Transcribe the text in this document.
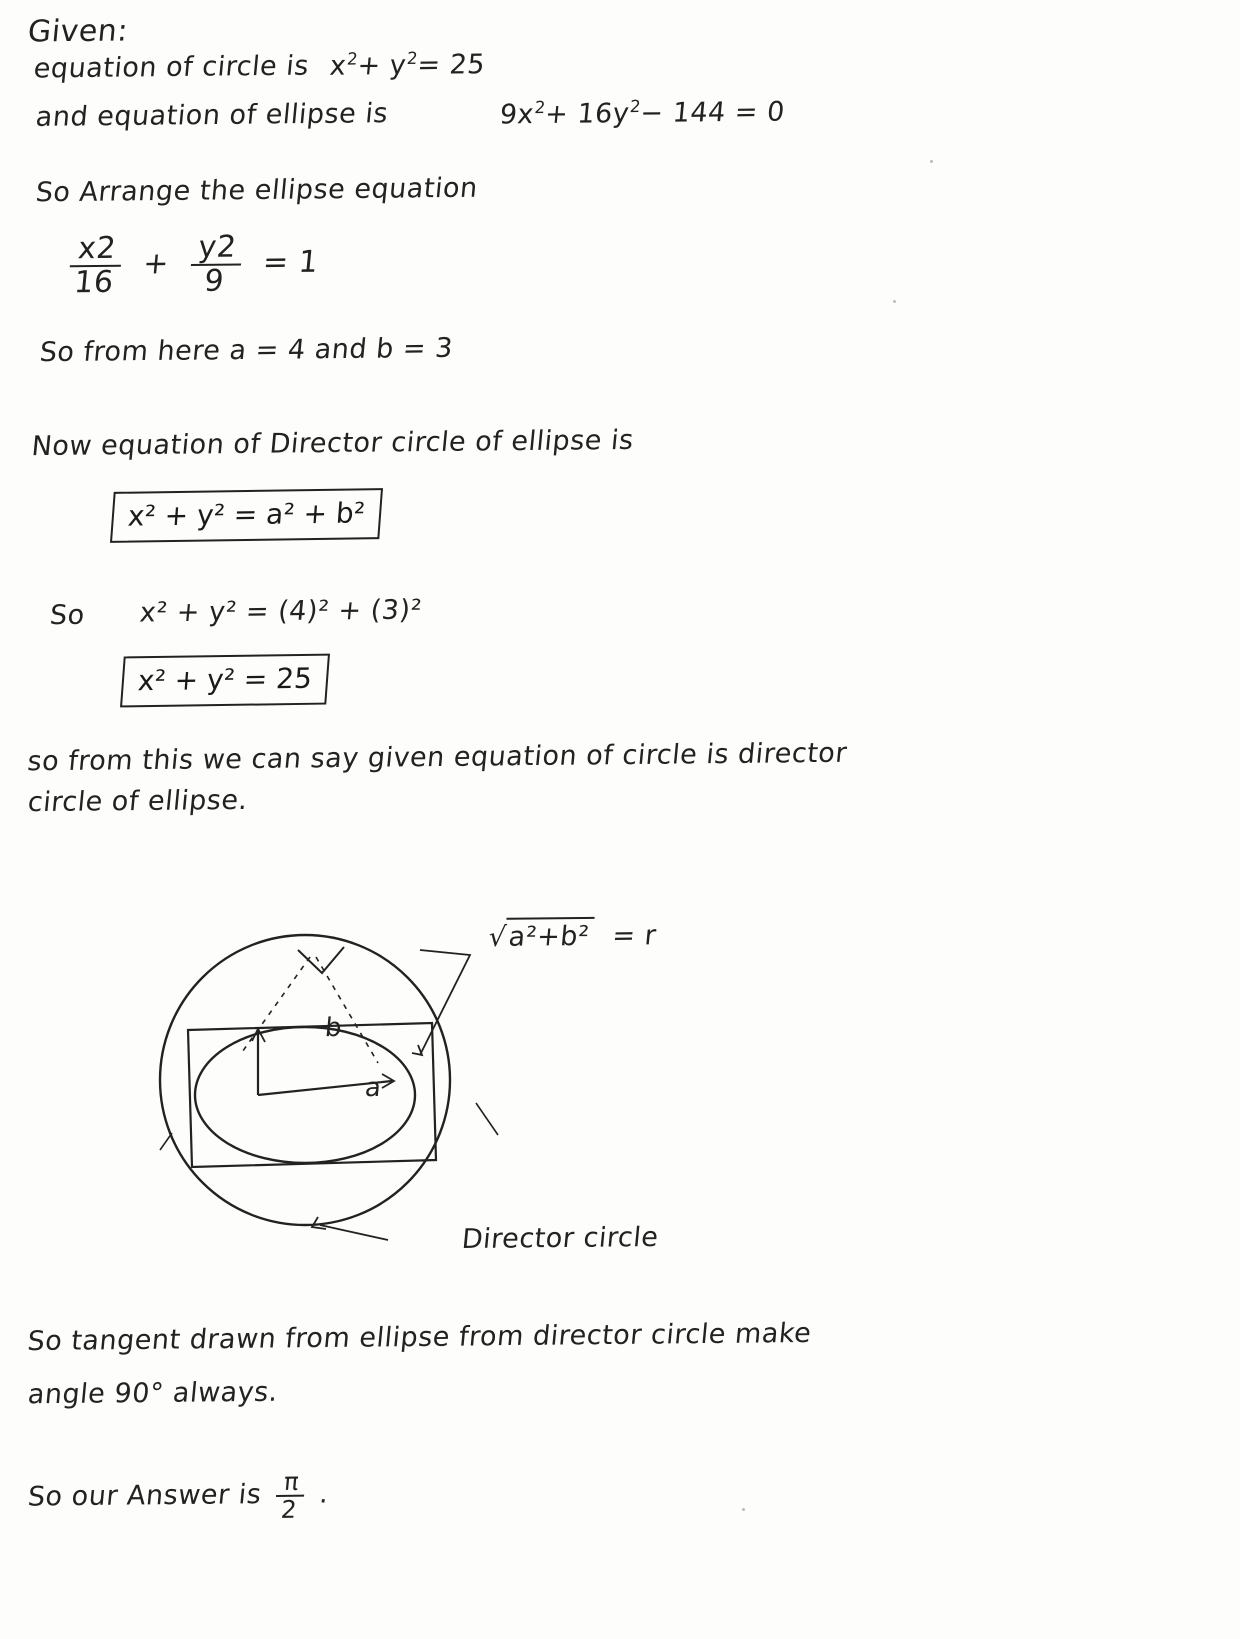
Given:
equation of circle is $x^2+ y^2= 25$
and equation of ellipse is	$9x^2+ 16y^2- 144 = 0$
So Arrange the ellipse equation
$\frac{x2}{16} + \frac{y2}{9} = 1$
So from here a = 4 and b = 3
Now equation of Director circle of ellipse is
x² + y² = a² + b²
So x² + y² = (4)² + (3)²
x² + y² = 25
so from this we can say given equation of circle is director
circle of ellipse.
b
a
√ a²+b² = r
Director circle
So tangent drawn from ellipse from director circle make
angle 90° always.
So our Answer is $\frac{\pi}{2}$ .
